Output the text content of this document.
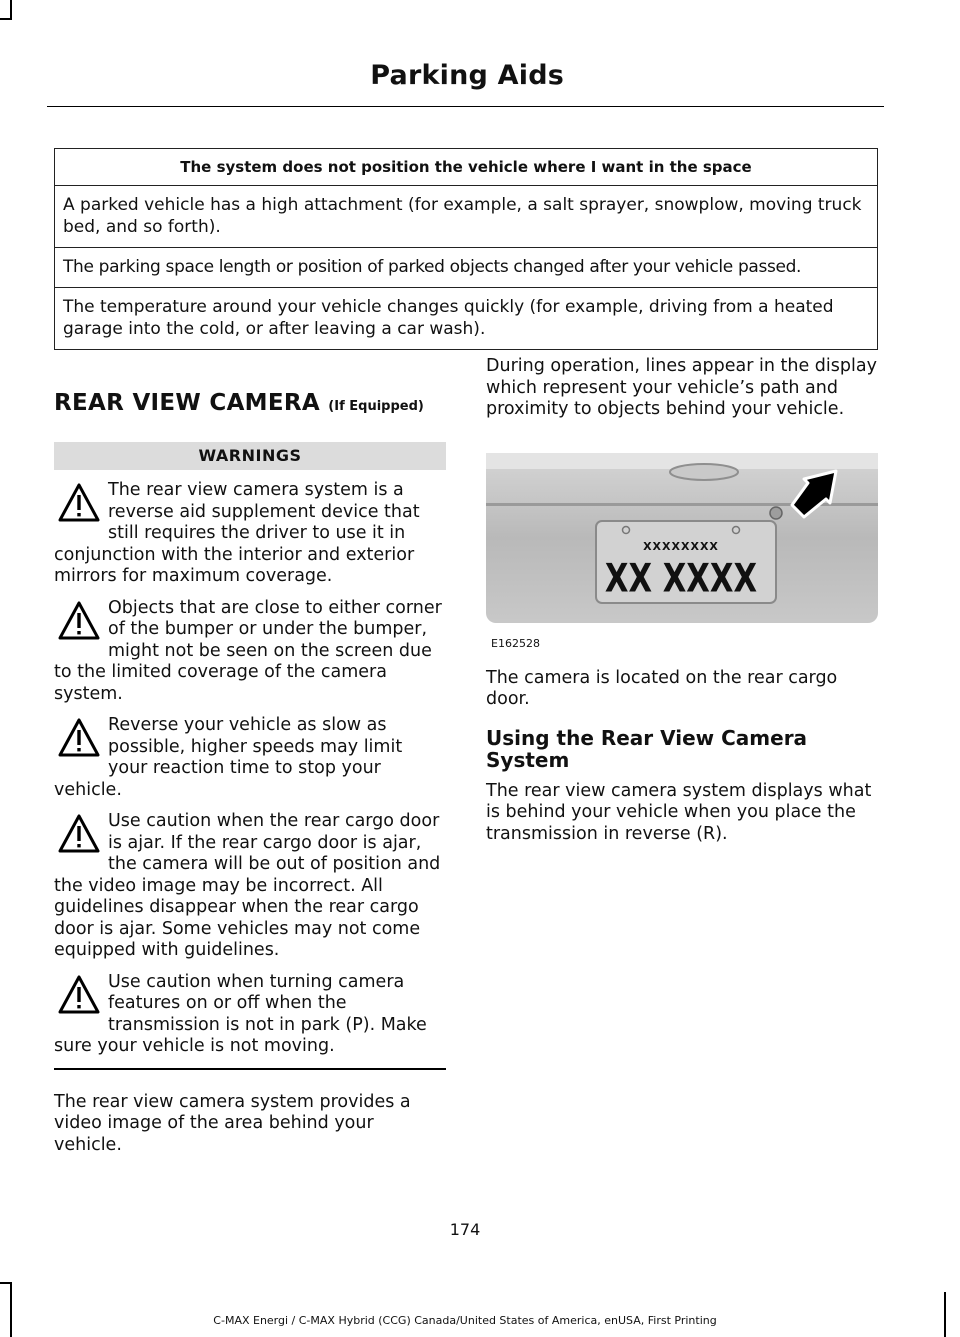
Parking Aids
The system does not position the vehicle where I want in the space
A parked vehicle has a high attachment (for example, a salt sprayer, snowplow, moving truck bed, and so forth).
The parking space length or position of parked objects changed after your vehicle passed.
The temperature around your vehicle changes quickly (for example, driving from a heated garage into the cold, or after leaving a car wash).
REAR VIEW CAMERA (If Equipped)
WARNINGS
The rear view camera system is a reverse aid supplement device that still requires the driver to use it in conjunction with the interior and exterior mirrors for maximum coverage.
Objects that are close to either corner of the bumper or under the bumper, might not be seen on the screen due to the limited coverage of the camera system.
Reverse your vehicle as slow as possible, higher speeds may limit your reaction time to stop your vehicle.
Use caution when the rear cargo door is ajar. If the rear cargo door is ajar, the camera will be out of position and the video image may be incorrect. All guidelines disappear when the rear cargo door is ajar. Some vehicles may not come equipped with guidelines.
Use caution when turning camera features on or off when the transmission is not in park (P). Make sure your vehicle is not moving.

The rear view camera system provides a video image of the area behind your vehicle.

During operation, lines appear in the display which represent your vehicle’s path and proximity to objects behind your vehicle.

XXXXXXXX
XX XXXX
E162528

The camera is located on the rear cargo door.

Using the Rear View Camera System

The rear view camera system displays what is behind your vehicle when you place the transmission in reverse (R).

174
C-MAX Energi / C-MAX Hybrid (CCG) Canada/United States of America, enUSA, First Printing
